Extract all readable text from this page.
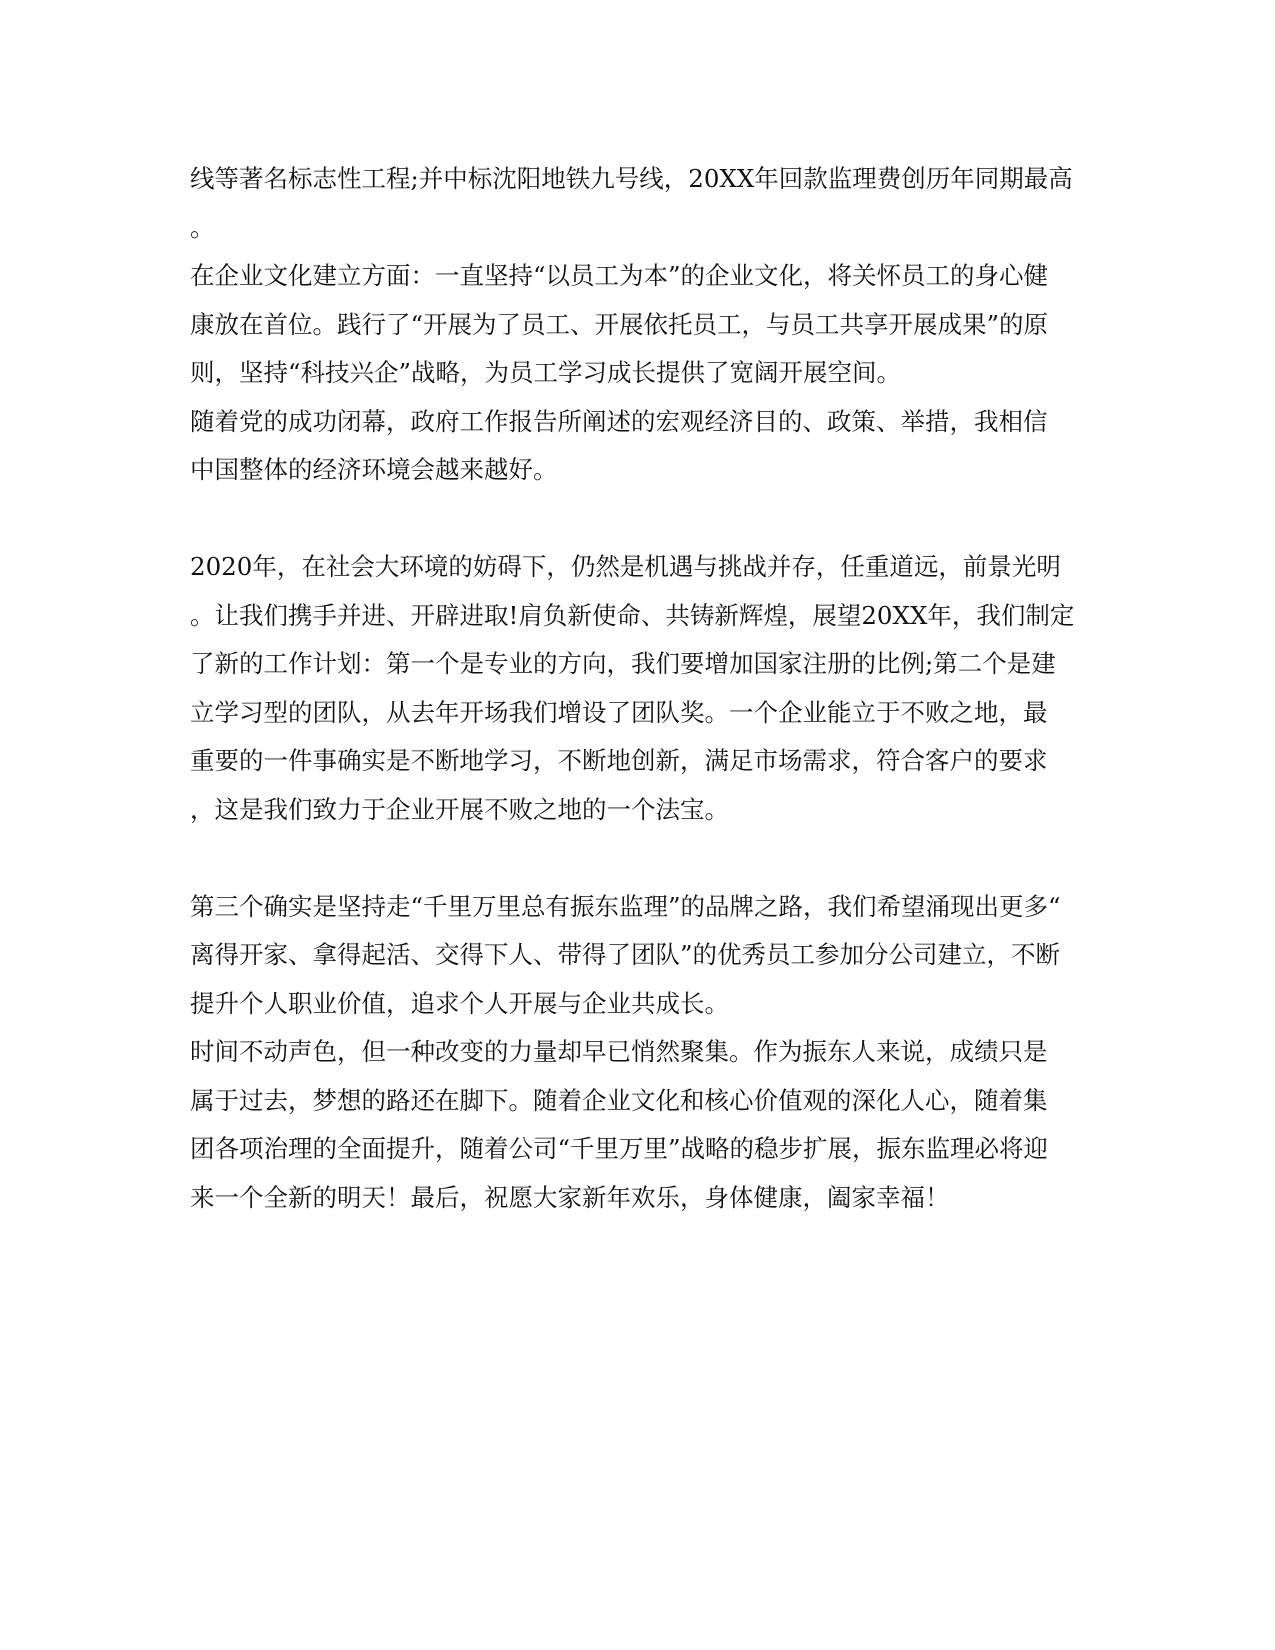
线等著名标志性工程;并中标沈阳地铁九号线，20XX年回款监理费创历年同期最高
。
在企业文化建立方面：一直坚持“以员工为本”的企业文化，将关怀员工的身心健
康放在首位。践行了“开展为了员工、开展依托员工，与员工共享开展成果”的原
则，坚持“科技兴企”战略，为员工学习成长提供了宽阔开展空间。
随着党的成功闭幕，政府工作报告所阐述的宏观经济目的、政策、举措，我相信
中国整体的经济环境会越来越好。
2020年，在社会大环境的妨碍下，仍然是机遇与挑战并存，任重道远，前景光明
。让我们携手并进、开辟进取!肩负新使命、共铸新辉煌，展望20XX年，我们制定
了新的工作计划：第一个是专业的方向，我们要增加国家注册的比例;第二个是建
立学习型的团队，从去年开场我们增设了团队奖。一个企业能立于不败之地，最
重要的一件事确实是不断地学习，不断地创新，满足市场需求，符合客户的要求
，这是我们致力于企业开展不败之地的一个法宝。
第三个确实是坚持走“千里万里总有振东监理”的品牌之路，我们希望涌现出更多“
离得开家、拿得起活、交得下人、带得了团队”的优秀员工参加分公司建立，不断
提升个人职业价值，追求个人开展与企业共成长。
时间不动声色，但一种改变的力量却早已悄然聚集。作为振东人来说，成绩只是
属于过去，梦想的路还在脚下。随着企业文化和核心价值观的深化人心，随着集
团各项治理的全面提升，随着公司“千里万里”战略的稳步扩展，振东监理必将迎
来一个全新的明天！最后，祝愿大家新年欢乐，身体健康，阖家幸福！
